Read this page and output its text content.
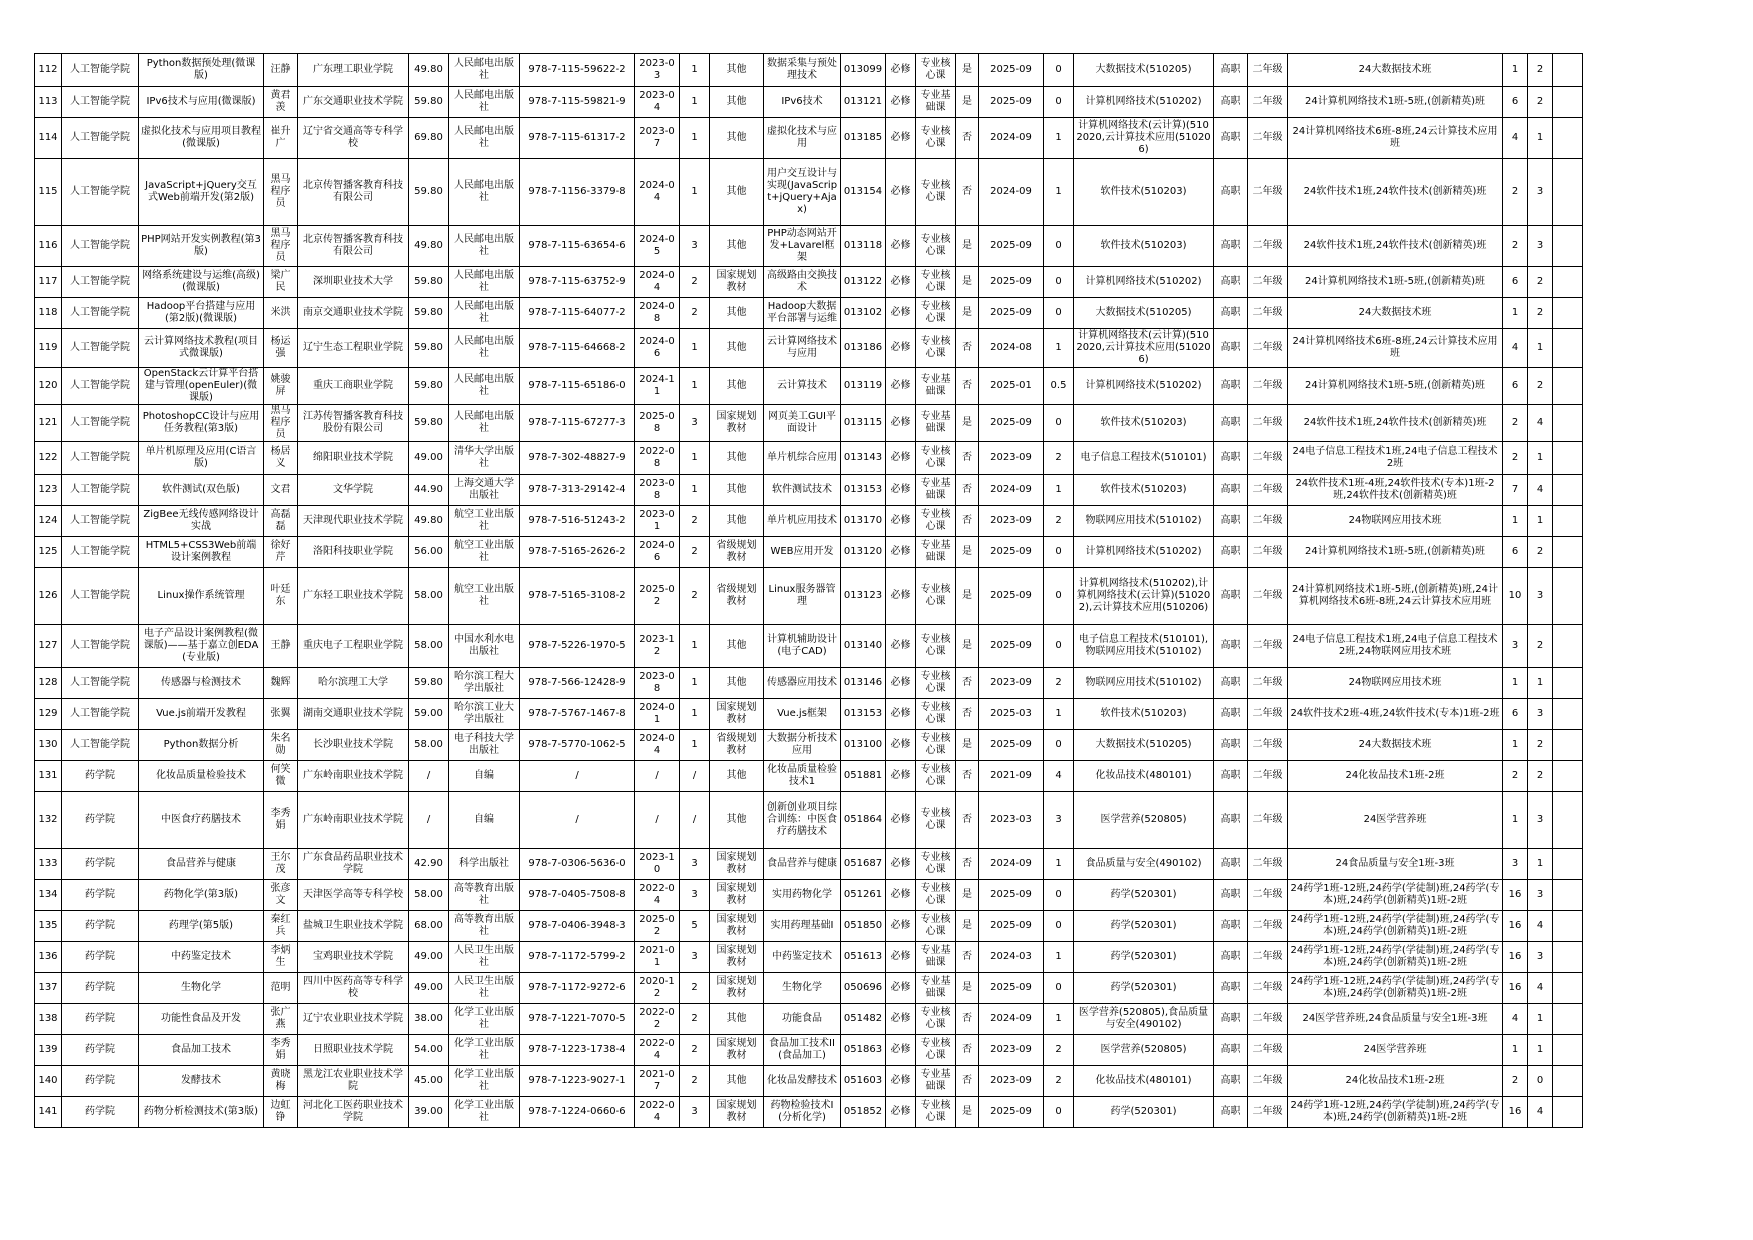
112	人工智能学院	Python数据预处理(微课版)	汪静	广东理工职业学院	49.80	人民邮电出版社	978-7-115-59622-2	2023-03	1	其他	数据采集与预处理技术	013099	必修	专业核心课	是	2025-09	0	大数据技术(510205)	高职	二年级	24大数据技术班	1	2	
113	人工智能学院	IPv6技术与应用(微课版)	黄君羡	广东交通职业技术学院	59.80	人民邮电出版社	978-7-115-59821-9	2023-04	1	其他	IPv6技术	013121	必修	专业基础课	是	2025-09	0	计算机网络技术(510202)	高职	二年级	24计算机网络技术1班-5班,(创新精英)班	6	2	
114	人工智能学院	虚拟化技术与应用项目教程(微课版)	崔升广	辽宁省交通高等专科学校	69.80	人民邮电出版社	978-7-115-61317-2	2023-07	1	其他	虚拟化技术与应用	013185	必修	专业核心课	否	2024-09	1	计算机网络技术(云计算)(5102020,云计算技术应用(510206)	高职	二年级	24计算机网络技术6班-8班,24云计算技术应用班	4	1	
115	人工智能学院	JavaScript+jQuery交互式Web前端开发(第2版)	黑马程序员	北京传智播客教育科技有限公司	59.80	人民邮电出版社	978-7-1156-3379-8	2024-04	1	其他	用户交互设计与实现(JavaScript+jQuery+Ajax)	013154	必修	专业核心课	否	2024-09	1	软件技术(510203)	高职	二年级	24软件技术1班,24软件技术(创新精英)班	2	3	
116	人工智能学院	PHP网站开发实例教程(第3版)	黑马程序员	北京传智播客教育科技有限公司	49.80	人民邮电出版社	978-7-115-63654-6	2024-05	3	其他	PHP动态网站开发+Lavarel框架	013118	必修	专业核心课	是	2025-09	0	软件技术(510203)	高职	二年级	24软件技术1班,24软件技术(创新精英)班	2	3	
117	人工智能学院	网络系统建设与运维(高级)(微课版)	梁广民	深圳职业技术大学	59.80	人民邮电出版社	978-7-115-63752-9	2024-04	2	国家规划教材	高级路由交换技术	013122	必修	专业核心课	是	2025-09	0	计算机网络技术(510202)	高职	二年级	24计算机网络技术1班-5班,(创新精英)班	6	2	
118	人工智能学院	Hadoop平台搭建与应用(第2版)(微课版)	米洪	南京交通职业技术学院	59.80	人民邮电出版社	978-7-115-64077-2	2024-08	2	其他	Hadoop大数据平台部署与运维	013102	必修	专业核心课	是	2025-09	0	大数据技术(510205)	高职	二年级	24大数据技术班	1	2	
119	人工智能学院	云计算网络技术教程(项目式微课版)	杨运强	辽宁生态工程职业学院	59.80	人民邮电出版社	978-7-115-64668-2	2024-06	1	其他	云计算网络技术与应用	013186	必修	专业核心课	否	2024-08	1	计算机网络技术(云计算)(5102020,云计算技术应用(510206)	高职	二年级	24计算机网络技术6班-8班,24云计算技术应用班	4	1	
120	人工智能学院	OpenStack云计算平台搭建与管理(openEuler)(微课版)	姚骏屏	重庆工商职业学院	59.80	人民邮电出版社	978-7-115-65186-0	2024-11	1	其他	云计算技术	013119	必修	专业基础课	否	2025-01	0.5	计算机网络技术(510202)	高职	二年级	24计算机网络技术1班-5班,(创新精英)班	6	2	
121	人工智能学院	PhotoshopCC设计与应用任务教程(第3版)	黑马程序员	江苏传智播客教育科技股份有限公司	59.80	人民邮电出版社	978-7-115-67277-3	2025-08	3	国家规划教材	网页美工GUI平面设计	013115	必修	专业基础课	是	2025-09	0	软件技术(510203)	高职	二年级	24软件技术1班,24软件技术(创新精英)班	2	4	
122	人工智能学院	单片机原理及应用(C语言版)	杨居义	绵阳职业技术学院	49.00	清华大学出版社	978-7-302-48827-9	2022-08	1	其他	单片机综合应用	013143	必修	专业核心课	否	2023-09	2	电子信息工程技术(510101)	高职	二年级	24电子信息工程技术1班,24电子信息工程技术2班	2	1	
123	人工智能学院	软件测试(双色版)	文君	文华学院	44.90	上海交通大学出版社	978-7-313-29142-4	2023-08	1	其他	软件测试技术	013153	必修	专业基础课	否	2024-09	1	软件技术(510203)	高职	二年级	24软件技术1班-4班,24软件技术(专本)1班-2班,24软件技术(创新精英)班	7	4	
124	人工智能学院	ZigBee无线传感网络设计实战	高磊磊	天津现代职业技术学院	49.80	航空工业出版社	978-7-516-51243-2	2023-01	2	其他	单片机应用技术	013170	必修	专业核心课	否	2023-09	2	物联网应用技术(510102)	高职	二年级	24物联网应用技术班	1	1	
125	人工智能学院	HTML5+CSS3Web前端设计案例教程	徐好芹	洛阳科技职业学院	56.00	航空工业出版社	978-7-5165-2626-2	2024-06	2	省级规划教材	WEB应用开发	013120	必修	专业基础课	是	2025-09	0	计算机网络技术(510202)	高职	二年级	24计算机网络技术1班-5班,(创新精英)班	6	2	
126	人工智能学院	Linux操作系统管理	叶廷东	广东轻工职业技术学院	58.00	航空工业出版社	978-7-5165-3108-2	2025-02	2	省级规划教材	Linux服务器管理	013123	必修	专业核心课	是	2025-09	0	计算机网络技术(510202),计算机网络技术(云计算)(510202),云计算技术应用(510206)	高职	二年级	24计算机网络技术1班-5班,(创新精英)班,24计算机网络技术6班-8班,24云计算技术应用班	10	3	
127	人工智能学院	电子产品设计案例教程(微课版)——基于嘉立创EDA(专业版)	王静	重庆电子工程职业学院	58.00	中国水利水电出版社	978-7-5226-1970-5	2023-12	1	其他	计算机辅助设计(电子CAD)	013140	必修	专业核心课	是	2025-09	0	电子信息工程技术(510101),物联网应用技术(510102)	高职	二年级	24电子信息工程技术1班,24电子信息工程技术2班,24物联网应用技术班	3	2	
128	人工智能学院	传感器与检测技术	魏辉	哈尔滨理工大学	59.80	哈尔滨工程大学出版社	978-7-566-12428-9	2023-08	1	其他	传感器应用技术	013146	必修	专业核心课	否	2023-09	2	物联网应用技术(510102)	高职	二年级	24物联网应用技术班	1	1	
129	人工智能学院	Vue.js前端开发教程	张翼	湖南交通职业技术学院	59.00	哈尔滨工业大学出版社	978-7-5767-1467-8	2024-01	1	国家规划教材	Vue.js框架	013153	必修	专业核心课	否	2025-03	1	软件技术(510203)	高职	二年级	24软件技术2班-4班,24软件技术(专本)1班-2班	6	3	
130	人工智能学院	Python数据分析	朱名勋	长沙职业技术学院	58.00	电子科技大学出版社	978-7-5770-1062-5	2024-04	1	省级规划教材	大数据分析技术应用	013100	必修	专业核心课	是	2025-09	0	大数据技术(510205)	高职	二年级	24大数据技术班	1	2	
131	药学院	化妆品质量检验技术	何笑微	广东岭南职业技术学院	/	自编	/	/	/	其他	化妆品质量检验技术1	051881	必修	专业核心课	否	2021-09	4	化妆品技术(480101)	高职	二年级	24化妆品技术1班-2班	2	2	
132	药学院	中医食疗药膳技术	李秀娟	广东岭南职业技术学院	/	自编	/	/	/	其他	创新创业项目综合训练：中医食疗药膳技术	051864	必修	专业核心课	否	2023-03	3	医学营养(520805)	高职	二年级	24医学营养班	1	3	
133	药学院	食品营养与健康	王尔茂	广东食品药品职业技术学院	42.90	科学出版社	978-7-0306-5636-0	2023-10	3	国家规划教材	食品营养与健康	051687	必修	专业核心课	否	2024-09	1	食品质量与安全(490102)	高职	二年级	24食品质量与安全1班-3班	3	1	
134	药学院	药物化学(第3版)	张彦文	天津医学高等专科学校	58.00	高等教育出版社	978-7-0405-7508-8	2022-04	3	国家规划教材	实用药物化学	051261	必修	专业核心课	是	2025-09	0	药学(520301)	高职	二年级	24药学1班-12班,24药学(学徒制)班,24药学(专本)班,24药学(创新精英)1班-2班	16	3	
135	药学院	药理学(第5版)	秦红兵	盐城卫生职业技术学院	68.00	高等教育出版社	978-7-0406-3948-3	2025-02	5	国家规划教材	实用药理基础I	051850	必修	专业核心课	是	2025-09	0	药学(520301)	高职	二年级	24药学1班-12班,24药学(学徒制)班,24药学(专本)班,24药学(创新精英)1班-2班	16	4	
136	药学院	中药鉴定技术	李炳生	宝鸡职业技术学院	49.00	人民卫生出版社	978-7-1172-5799-2	2021-01	3	国家规划教材	中药鉴定技术	051613	必修	专业基础课	否	2024-03	1	药学(520301)	高职	二年级	24药学1班-12班,24药学(学徒制)班,24药学(专本)班,24药学(创新精英)1班-2班	16	3	
137	药学院	生物化学	范明	四川中医药高等专科学校	49.00	人民卫生出版社	978-7-1172-9272-6	2020-12	2	国家规划教材	生物化学	050696	必修	专业基础课	是	2025-09	0	药学(520301)	高职	二年级	24药学1班-12班,24药学(学徒制)班,24药学(专本)班,24药学(创新精英)1班-2班	16	4	
138	药学院	功能性食品及开发	张广燕	辽宁农业职业技术学院	38.00	化学工业出版社	978-7-1221-7070-5	2022-02	2	其他	功能食品	051482	必修	专业核心课	否	2024-09	1	医学营养(520805),食品质量与安全(490102)	高职	二年级	24医学营养班,24食品质量与安全1班-3班	4	1	
139	药学院	食品加工技术	李秀娟	日照职业技术学院	54.00	化学工业出版社	978-7-1223-1738-4	2022-04	2	国家规划教材	食品加工技术II(食品加工)	051863	必修	专业核心课	否	2023-09	2	医学营养(520805)	高职	二年级	24医学营养班	1	1	
140	药学院	发酵技术	黄晓梅	黑龙江农业职业技术学院	45.00	化学工业出版社	978-7-1223-9027-1	2021-07	2	其他	化妆品发酵技术	051603	必修	专业基础课	否	2023-09	2	化妆品技术(480101)	高职	二年级	24化妆品技术1班-2班	2	0	
141	药学院	药物分析检测技术(第3版)	边虹铮	河北化工医药职业技术学院	39.00	化学工业出版社	978-7-1224-0660-6	2022-04	3	国家规划教材	药物检验技术I(分析化学)	051852	必修	专业核心课	是	2025-09	0	药学(520301)	高职	二年级	24药学1班-12班,24药学(学徒制)班,24药学(专本)班,24药学(创新精英)1班-2班	16	4	
